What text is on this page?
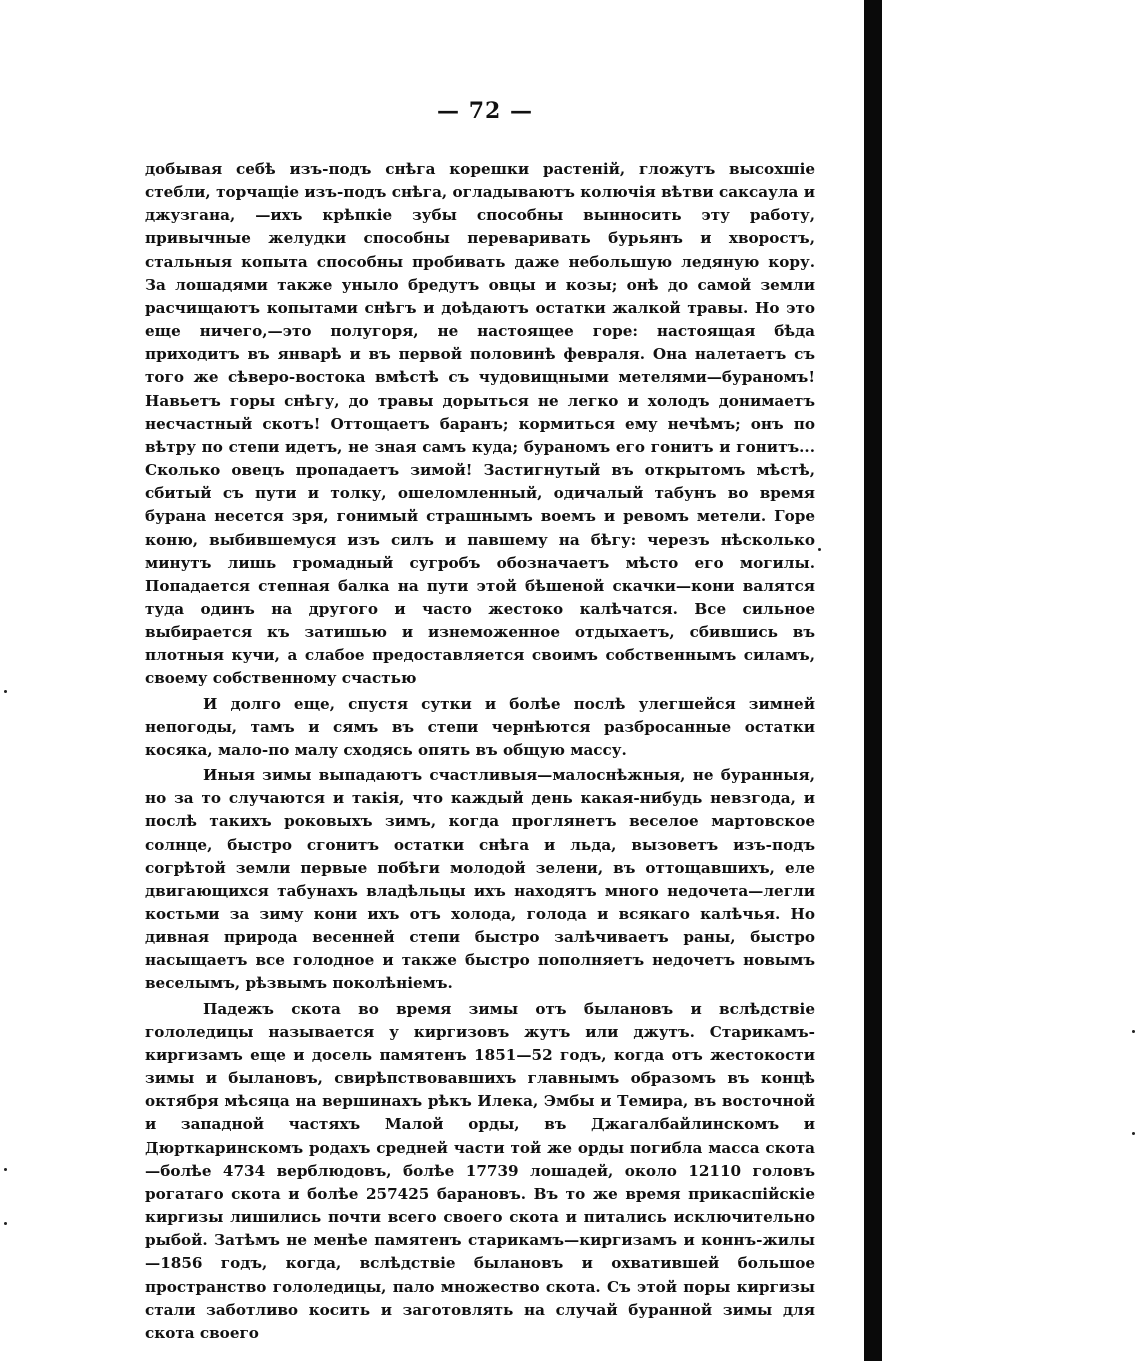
— 72 —

добывая себѣ изъ-подъ снѣга корешки растеній, гложутъ высохшіе стебли, торчащіе изъ-подъ снѣга, огладываютъ колючія вѣтви саксаула и джузгана, —ихъ крѣпкіе зубы способны вынносить эту работу, привычные желудки способны переваривать бурьянъ и хворостъ, стальныя копыта способны пробивать даже небольшую ледяную кору. За лошадями также уныло бредутъ овцы и козы; онѣ до самой земли расчищаютъ копытами снѣгъ и доѣдаютъ остатки жалкой травы. Но это еще ничего,—это полугоря, не настоящее горе: настоящая бѣда приходитъ въ январѣ и въ первой половинѣ февраля. Она налетаетъ съ того же сѣверо-востока вмѣстѣ съ чудовищными метелями—бураномъ! Навьетъ горы снѣгу, до травы дорыться не легко и холодъ донимаетъ несчастный скотъ! Оттощаетъ баранъ; кормиться ему нечѣмъ; онъ по вѣтру по степи идетъ, не зная самъ куда; бураномъ его гонитъ и гонитъ... Сколько овецъ пропадаетъ зимой! Застигнутый въ открытомъ мѣстѣ, сбитый съ пути и толку, ошеломленный, одичалый табунъ во время бурана несется зря, гонимый страшнымъ воемъ и ревомъ метели. Горе коню, выбившемуся изъ силъ и павшему на бѣгу: черезъ нѣсколько минутъ лишь громадный сугробъ обозначаетъ мѣсто его могилы. Попадается степная балка на пути этой бѣшеной скачки—кони валятся туда одинъ на другого и часто жестоко калѣчатся. Все сильное выбирается къ затишью и изнеможенное отдыхаетъ, сбившись въ плотныя кучи, а слабое предоставляется своимъ собственнымъ силамъ, своему собственному счастью

И долго еще, спустя сутки и болѣе послѣ улегшейся зимней непогоды, тамъ и сямъ въ степи чернѣются разбросанные остатки косяка, мало-по малу сходясь опять въ общую массу.

Иныя зимы выпадаютъ счастливыя—малоснѣжныя, не буранныя, но за то случаются и такія, что каждый день какая-нибудь невзгода, и послѣ такихъ роковыхъ зимъ, когда проглянетъ веселое мартовское солнце, быстро сгонитъ остатки снѣга и льда, вызоветъ изъ-подъ согрѣтой земли первые побѣги молодой зелени, въ оттощавшихъ, еле двигающихся табунахъ владѣльцы ихъ находятъ много недочета—легли костьми за зиму кони ихъ отъ холода, голода и всякаго калѣчья. Но дивная природа весенней степи быстро залѣчиваетъ раны, быстро насыщаетъ все голодное и также быстро пополняетъ недочетъ новымъ веселымъ, рѣзвымъ поколѣніемъ.

Падежъ скота во время зимы отъ былановъ и вслѣдствіе гололедицы называется у киргизовъ жутъ или джутъ. Старикамъ-киргизамъ еще и досель памятенъ 1851—52 годъ, когда отъ жестокости зимы и былановъ, свирѣпствовавшихъ главнымъ образомъ въ концѣ октября мѣсяца на вершинахъ рѣкъ Илека, Эмбы и Темира, въ восточной и западной частяхъ Малой орды, въ Джагалбайлинскомъ и Дюрткаринскомъ родахъ средней части той же орды погибла масса скота—болѣе 4734 верблюдовъ, болѣе 17739 лошадей, около 12110 головъ рогатаго скота и болѣе 257425 барановъ. Въ то же время прикаспійскіе киргизы лишились почти всего своего скота и питались исключительно рыбой. Затѣмъ не менѣе памятенъ старикамъ—киргизамъ и коннъ-жилы—1856 годъ, когда, вслѣдствіе былановъ и охватившей большое пространство гололедицы, пало множество скота. Съ этой поры киргизы стали заботливо косить и заготовлять на случай буранной зимы для скота своего
